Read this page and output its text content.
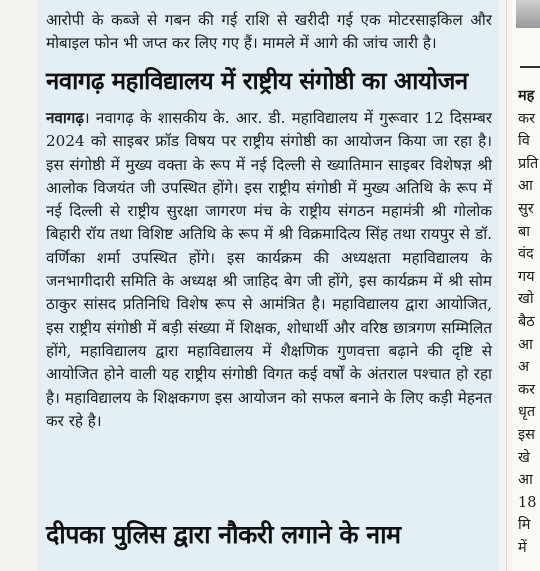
आरोपी के कब्जे से गबन की गई राशि से खरीदी गई एक मोटरसाइकिल और मोबाइल फोन भी जप्त कर लिए गए हैं। मामले में आगे की जांच जारी है।

नवागढ़ महाविद्यालय में राष्ट्रीय संगोष्ठी का आयोजन

नवागढ़। नवागढ़ के शासकीय के. आर. डी. महाविद्यालय में गुरूवार 12 दिसम्बर 2024 को साइबर फ्रॉड विषय पर राष्ट्रीय संगोष्ठी का आयोजन किया जा रहा है। इस संगोष्ठी में मुख्य वक्ता के रूप में नई दिल्ली से ख्यातिमान साइबर विशेषज्ञ श्री आलोक विजयंत जी उपस्थित होंगे। इस राष्ट्रीय संगोष्ठी में मुख्य अतिथि के रूप में नई दिल्ली से राष्ट्रीय सुरक्षा जागरण मंच के राष्ट्रीय संगठन महामंत्री श्री गोलोक बिहारी रॉय तथा विशिष्ट अतिथि के रूप में श्री विक्रमादित्य सिंह तथा रायपुर से डॉ. वर्णिका शर्मा उपस्थित होंगे। इस कार्यक्रम की अध्यक्षता महाविद्यालय के जनभागीदारी समिति के अध्यक्ष श्री जाहिद बेग जी होंगे, इस कार्यक्रम में श्री सोम ठाकुर सांसद प्रतिनिधि विशेष रूप से आमंत्रित है। महाविद्यालय द्वारा आयोजित, इस राष्ट्रीय संगोष्ठी में बड़ी संख्या में शिक्षक, शोधार्थी और वरिष्ठ छात्रगण सम्मिलित होंगे, महाविद्यालय द्वारा महाविद्यालय में शैक्षणिक गुणवत्ता बढ़ाने की दृष्टि से आयोजित होने वाली यह राष्ट्रीय संगोष्ठी विगत कई वर्षों के अंतराल पश्चात हो रहा है। महाविद्यालय के शिक्षकगण इस आयोजन को सफल बनाने के लिए कड़ी मेहनत कर रहे है।

दीपका पुलिस द्वारा नौकरी लगाने के नाम
मह
कर
वि
प्रति
आ
सुर
बा
वंद
गय
खो
बैठ
आ
अ
कर
धृत
इस
खे
आ
18
मि
में
